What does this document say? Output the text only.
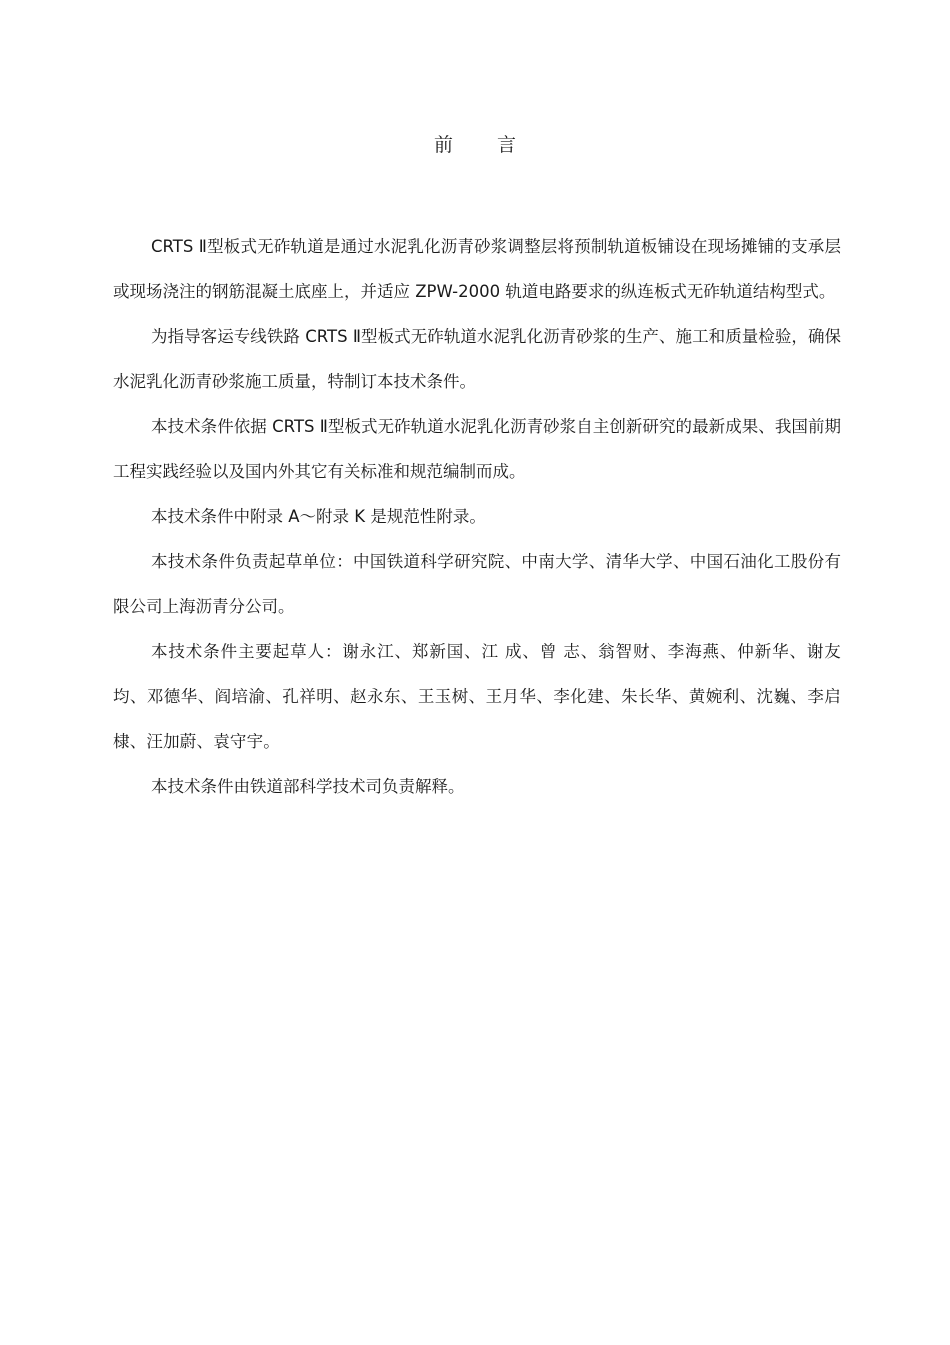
前 言

CRTS Ⅱ型板式无砟轨道是通过水泥乳化沥青砂浆调整层将预制轨道板铺设在现场摊铺的支承层或现场浇注的钢筋混凝土底座上，并适应 ZPW-2000 轨道电路要求的纵连板式无砟轨道结构型式。

为指导客运专线铁路 CRTS Ⅱ型板式无砟轨道水泥乳化沥青砂浆的生产、施工和质量检验，确保水泥乳化沥青砂浆施工质量，特制订本技术条件。

本技术条件依据 CRTS Ⅱ型板式无砟轨道水泥乳化沥青砂浆自主创新研究的最新成果、我国前期工程实践经验以及国内外其它有关标准和规范编制而成。

本技术条件中附录 A～附录 K 是规范性附录。

本技术条件负责起草单位：中国铁道科学研究院、中南大学、清华大学、中国石油化工股份有限公司上海沥青分公司。

本技术条件主要起草人：谢永江、郑新国、江 成、曾 志、翁智财、李海燕、仲新华、谢友均、邓德华、阎培渝、孔祥明、赵永东、王玉树、王月华、李化建、朱长华、黄婉利、沈巍、李启棣、汪加蔚、袁守宇。

本技术条件由铁道部科学技术司负责解释。
